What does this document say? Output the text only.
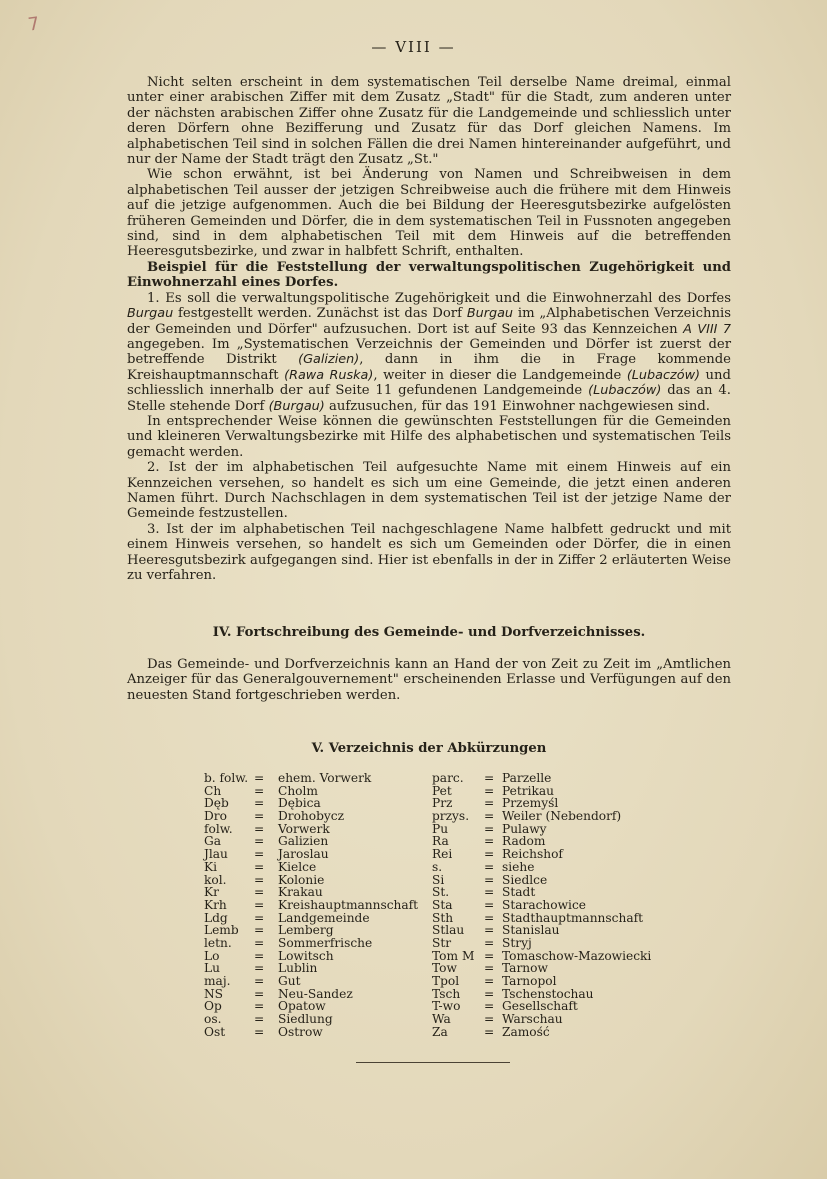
7
— VIII —

Nicht selten erscheint in dem systematischen Teil derselbe Name dreimal, einmal unter einer arabischen Ziffer mit dem Zusatz „Stadt" für die Stadt, zum anderen unter der nächsten arabischen Ziffer ohne Zusatz für die Landgemeinde und schliesslich unter deren Dörfern ohne Bezifferung und Zusatz für das Dorf gleichen Namens. Im alphabetischen Teil sind in solchen Fällen die drei Namen hintereinander aufgeführt, und nur der Name der Stadt trägt den Zusatz „St."

Wie schon erwähnt, ist bei Änderung von Namen und Schreibweisen in dem alphabetischen Teil ausser der jetzigen Schreibweise auch die frühere mit dem Hinweis auf die jetzige aufgenommen. Auch die bei Bildung der Heeresgutsbezirke aufgelösten früheren Gemeinden und Dörfer, die in dem systematischen Teil in Fussnoten angegeben sind, sind in dem alphabetischen Teil mit dem Hinweis auf die betreffenden Heeresgutsbezirke, und zwar in halbfett Schrift, enthalten.

Beispiel für die Feststellung der verwaltungspolitischen Zugehörigkeit und Einwohnerzahl eines Dorfes.

1. Es soll die verwaltungspolitische Zugehörigkeit und die Einwohnerzahl des Dorfes Burgau festgestellt werden. Zunächst ist das Dorf Burgau im „Alphabetischen Verzeichnis der Gemeinden und Dörfer" aufzusuchen. Dort ist auf Seite 93 das Kennzeichen A VIII 7 angegeben. Im „Systematischen Verzeichnis der Gemeinden und Dörfer ist zuerst der betreffende Distrikt (Galizien), dann in ihm die in Frage kommende Kreishauptmannschaft (Rawa Ruska), weiter in dieser die Landgemeinde (Lubaczów) und schliesslich innerhalb der auf Seite 11 gefundenen Landgemeinde (Lubaczów) das an 4. Stelle stehende Dorf (Burgau) aufzusuchen, für das 191 Einwohner nachgewiesen sind.

In entsprechender Weise können die gewünschten Feststellungen für die Gemeinden und kleineren Verwaltungsbezirke mit Hilfe des alphabetischen und systematischen Teils gemacht werden.

2. Ist der im alphabetischen Teil aufgesuchte Name mit einem Hinweis auf ein Kennzeichen versehen, so handelt es sich um eine Gemeinde, die jetzt einen anderen Namen führt. Durch Nachschlagen in dem systematischen Teil ist der jetzige Name der Gemeinde festzustellen.

3. Ist der im alphabetischen Teil nachgeschlagene Name halbfett gedruckt und mit einem Hinweis versehen, so handelt es sich um Gemeinden oder Dörfer, die in einen Heeresgutsbezirk aufgegangen sind. Hier ist ebenfalls in der in Ziffer 2 erläuterten Weise zu verfahren.

IV. Fortschreibung des Gemeinde- und Dorfverzeichnisses.

Das Gemeinde- und Dorfverzeichnis kann an Hand der von Zeit zu Zeit im „Amtlichen Anzeiger für das Generalgouvernement" erscheinenden Erlasse und Verfügungen auf den neuesten Stand fortgeschrieben werden.

V. Verzeichnis der Abkürzungen
b. folw. = ehem. Vorwerk
Ch	= Cholm
Dęb = Dębica
Dro = Drohobycz
folw. = Vorwerk
Ga	= Galizien
Jlau = Jaroslau
Ki	= Kielce
kol. = Kolonie
Kr	= Krakau
Krh = Kreishauptmannschaft
Ldg = Landgemeinde
Lemb = Lemberg
letn. = Sommerfrische
Lo	= Lowitsch
Lu	= Lublin
maj. = Gut
NS	= Neu-Sandez
Op	= Opatow
os.	= Siedlung
Ost = Ostrow
parc. = Parzelle
Pet	= Petrikau
Prz	= Przemyśl
przys. = Weiler (Nebendorf)
Pu	= Pulawy
Ra	= Radom
Rei	= Reichshof
s.	= siehe
Si	= Siedlce
St.	= Stadt
Sta	= Starachowice
Sth	= Stadthauptmannschaft
Stlau = Stanislau
Str	= Stryj
Tom M = Tomaschow-Mazowiecki
Tow = Tarnow
Tpol = Tarnopol
Tsch = Tschenstochau
T-wo = Gesellschaft
Wa	= Warschau
Za	= Zamość
